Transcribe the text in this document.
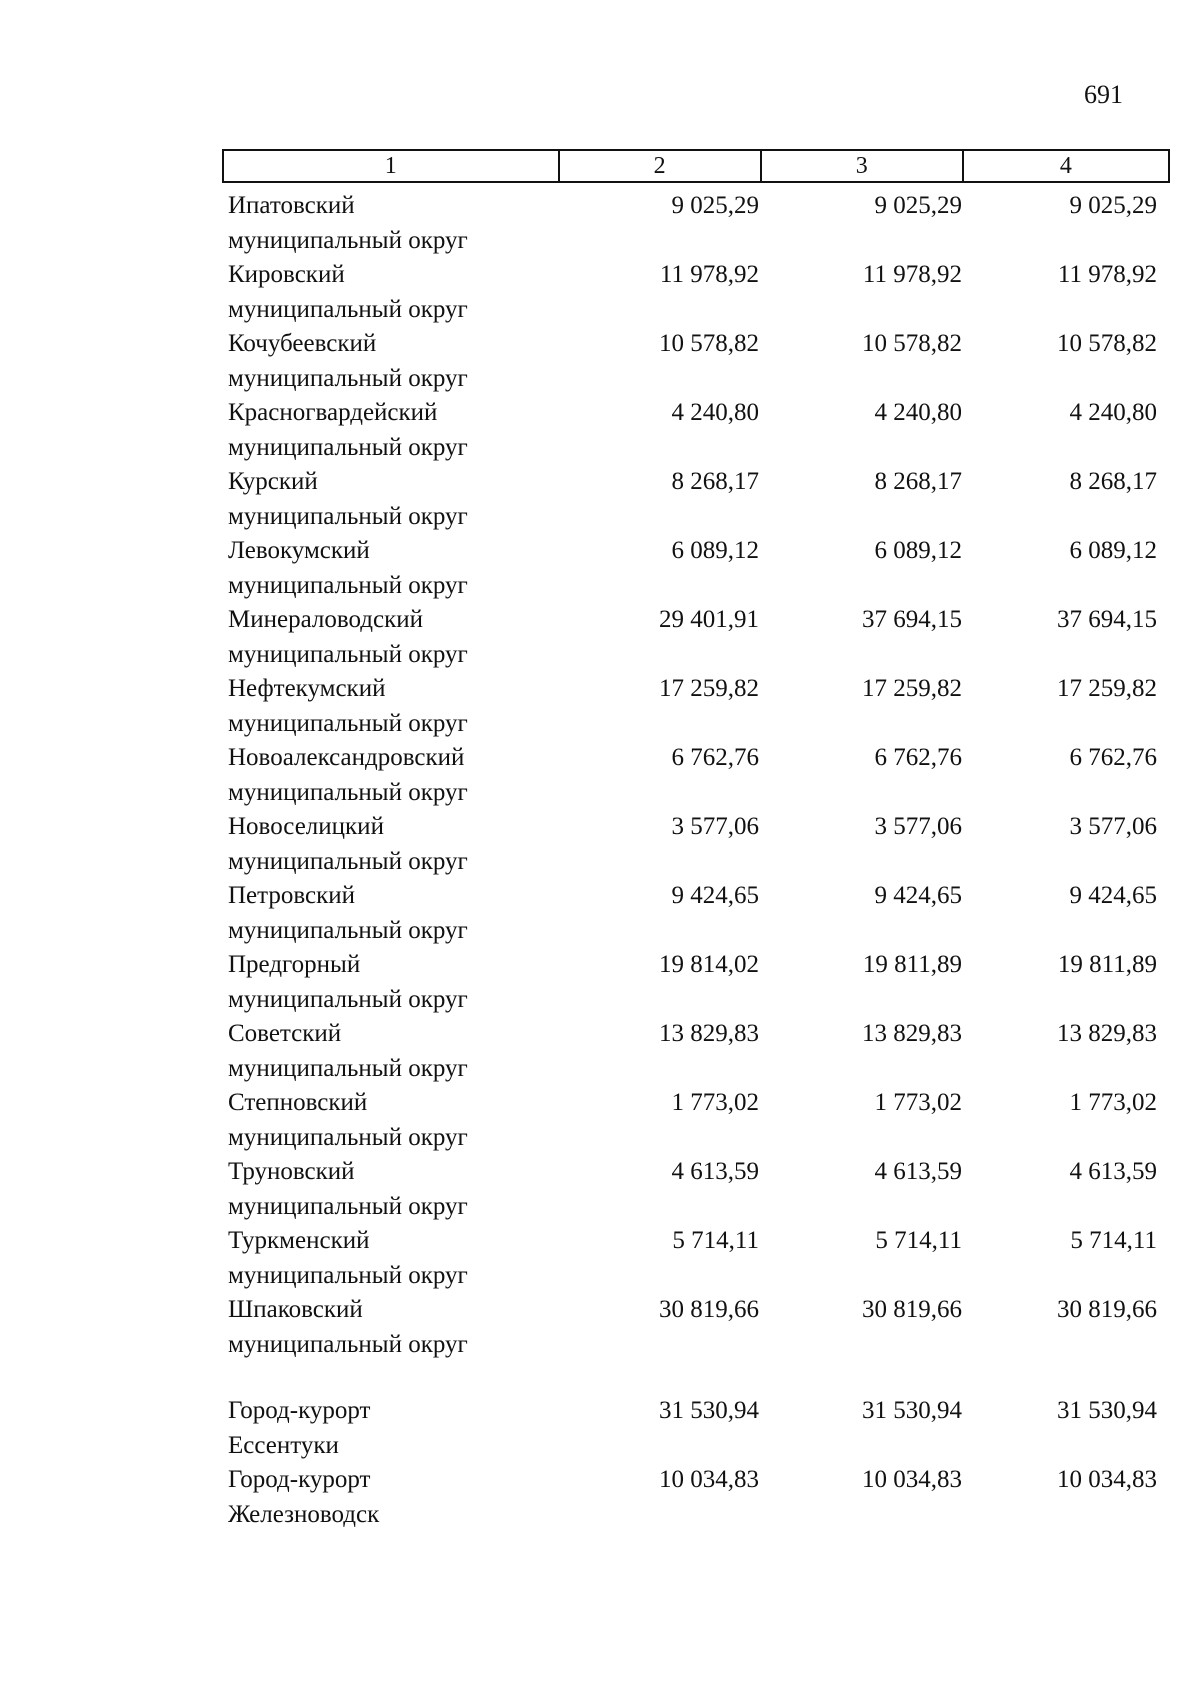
691
1	2	3	4
Ипатовский
муниципальный округ
9 025,29	9 025,29	9 025,29
Кировский
муниципальный округ
11 978,92	11 978,92	11 978,92
Кочубеевский
муниципальный округ
10 578,82	10 578,82	10 578,82
Красногвардейский
муниципальный округ
4 240,80	4 240,80	4 240,80
Курский
муниципальный округ
8 268,17	8 268,17	8 268,17
Левокумский
муниципальный округ
6 089,12	6 089,12	6 089,12
Минераловодский
муниципальный округ
29 401,91	37 694,15	37 694,15
Нефтекумский
муниципальный округ
17 259,82	17 259,82	17 259,82
Новоалександровский
муниципальный округ
6 762,76	6 762,76	6 762,76
Новоселицкий
муниципальный округ
3 577,06	3 577,06	3 577,06
Петровский
муниципальный округ
9 424,65	9 424,65	9 424,65
Предгорный
муниципальный округ
19 814,02	19 811,89	19 811,89
Советский
муниципальный округ
13 829,83	13 829,83	13 829,83
Степновский
муниципальный округ
1 773,02	1 773,02	1 773,02
Труновский
муниципальный округ
4 613,59	4 613,59	4 613,59
Туркменский
муниципальный округ
5 714,11	5 714,11	5 714,11
Шпаковский
муниципальный округ
30 819,66	30 819,66	30 819,66
Город-курорт
Ессентуки
31 530,94	31 530,94	31 530,94
Город-курорт
Железноводск
10 034,83	10 034,83	10 034,83
